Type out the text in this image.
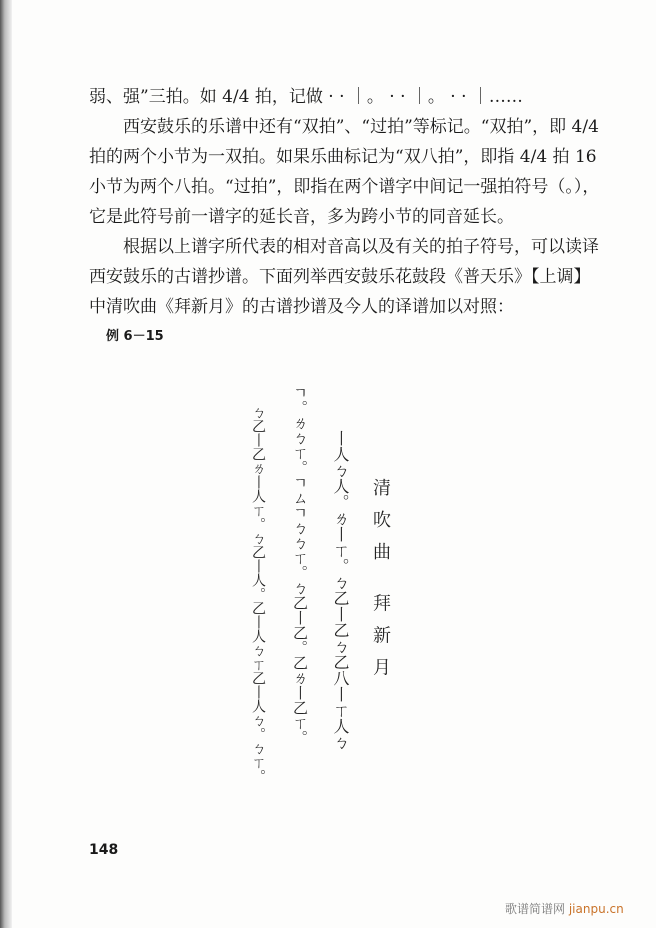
弱、强”三拍。如 4/4 拍，记做 · · ｜。 · · ｜。 · · ｜……

西安鼓乐的乐谱中还有“双拍”、“过拍”等标记。“双拍”，即 4/4 拍的两个小节为一双拍。如果乐曲标记为“双八拍”，即指 4/4 拍 16 小节为两个八拍。“过拍”，即指在两个谱字中间记一强拍符号（。），它是此符号前一谱字的延长音，多为跨小节的同音延长。

根据以上谱字所代表的相对音高以及有关的拍子符号，可以读译西安鼓乐的古谱抄谱。下面列举西安鼓乐花鼓段《普天乐》【上调】中清吹曲《拜新月》的古谱抄谱及今人的译谱加以对照：

例 6－15
清吹曲 拜新月
丨人ㄅ人。ㄌ丨ㄒ。ㄅ乙丨乙ㄅ乙八丨ㄒ人ㄅ
ㄱ。ㄌㄅㄒ。ㄱㄙㄱㄅㄅㄒ。ㄅ乙丨乙。乙ㄌ丨乙ㄒ。
ㄅ乙丨乙ㄌ丨人ㄒ。ㄅ乙丨人。乙丨人ㄅㄒ乙丨人ㄅ。ㄅㄒ。
148
歌谱简谱网 jianpu.cn
